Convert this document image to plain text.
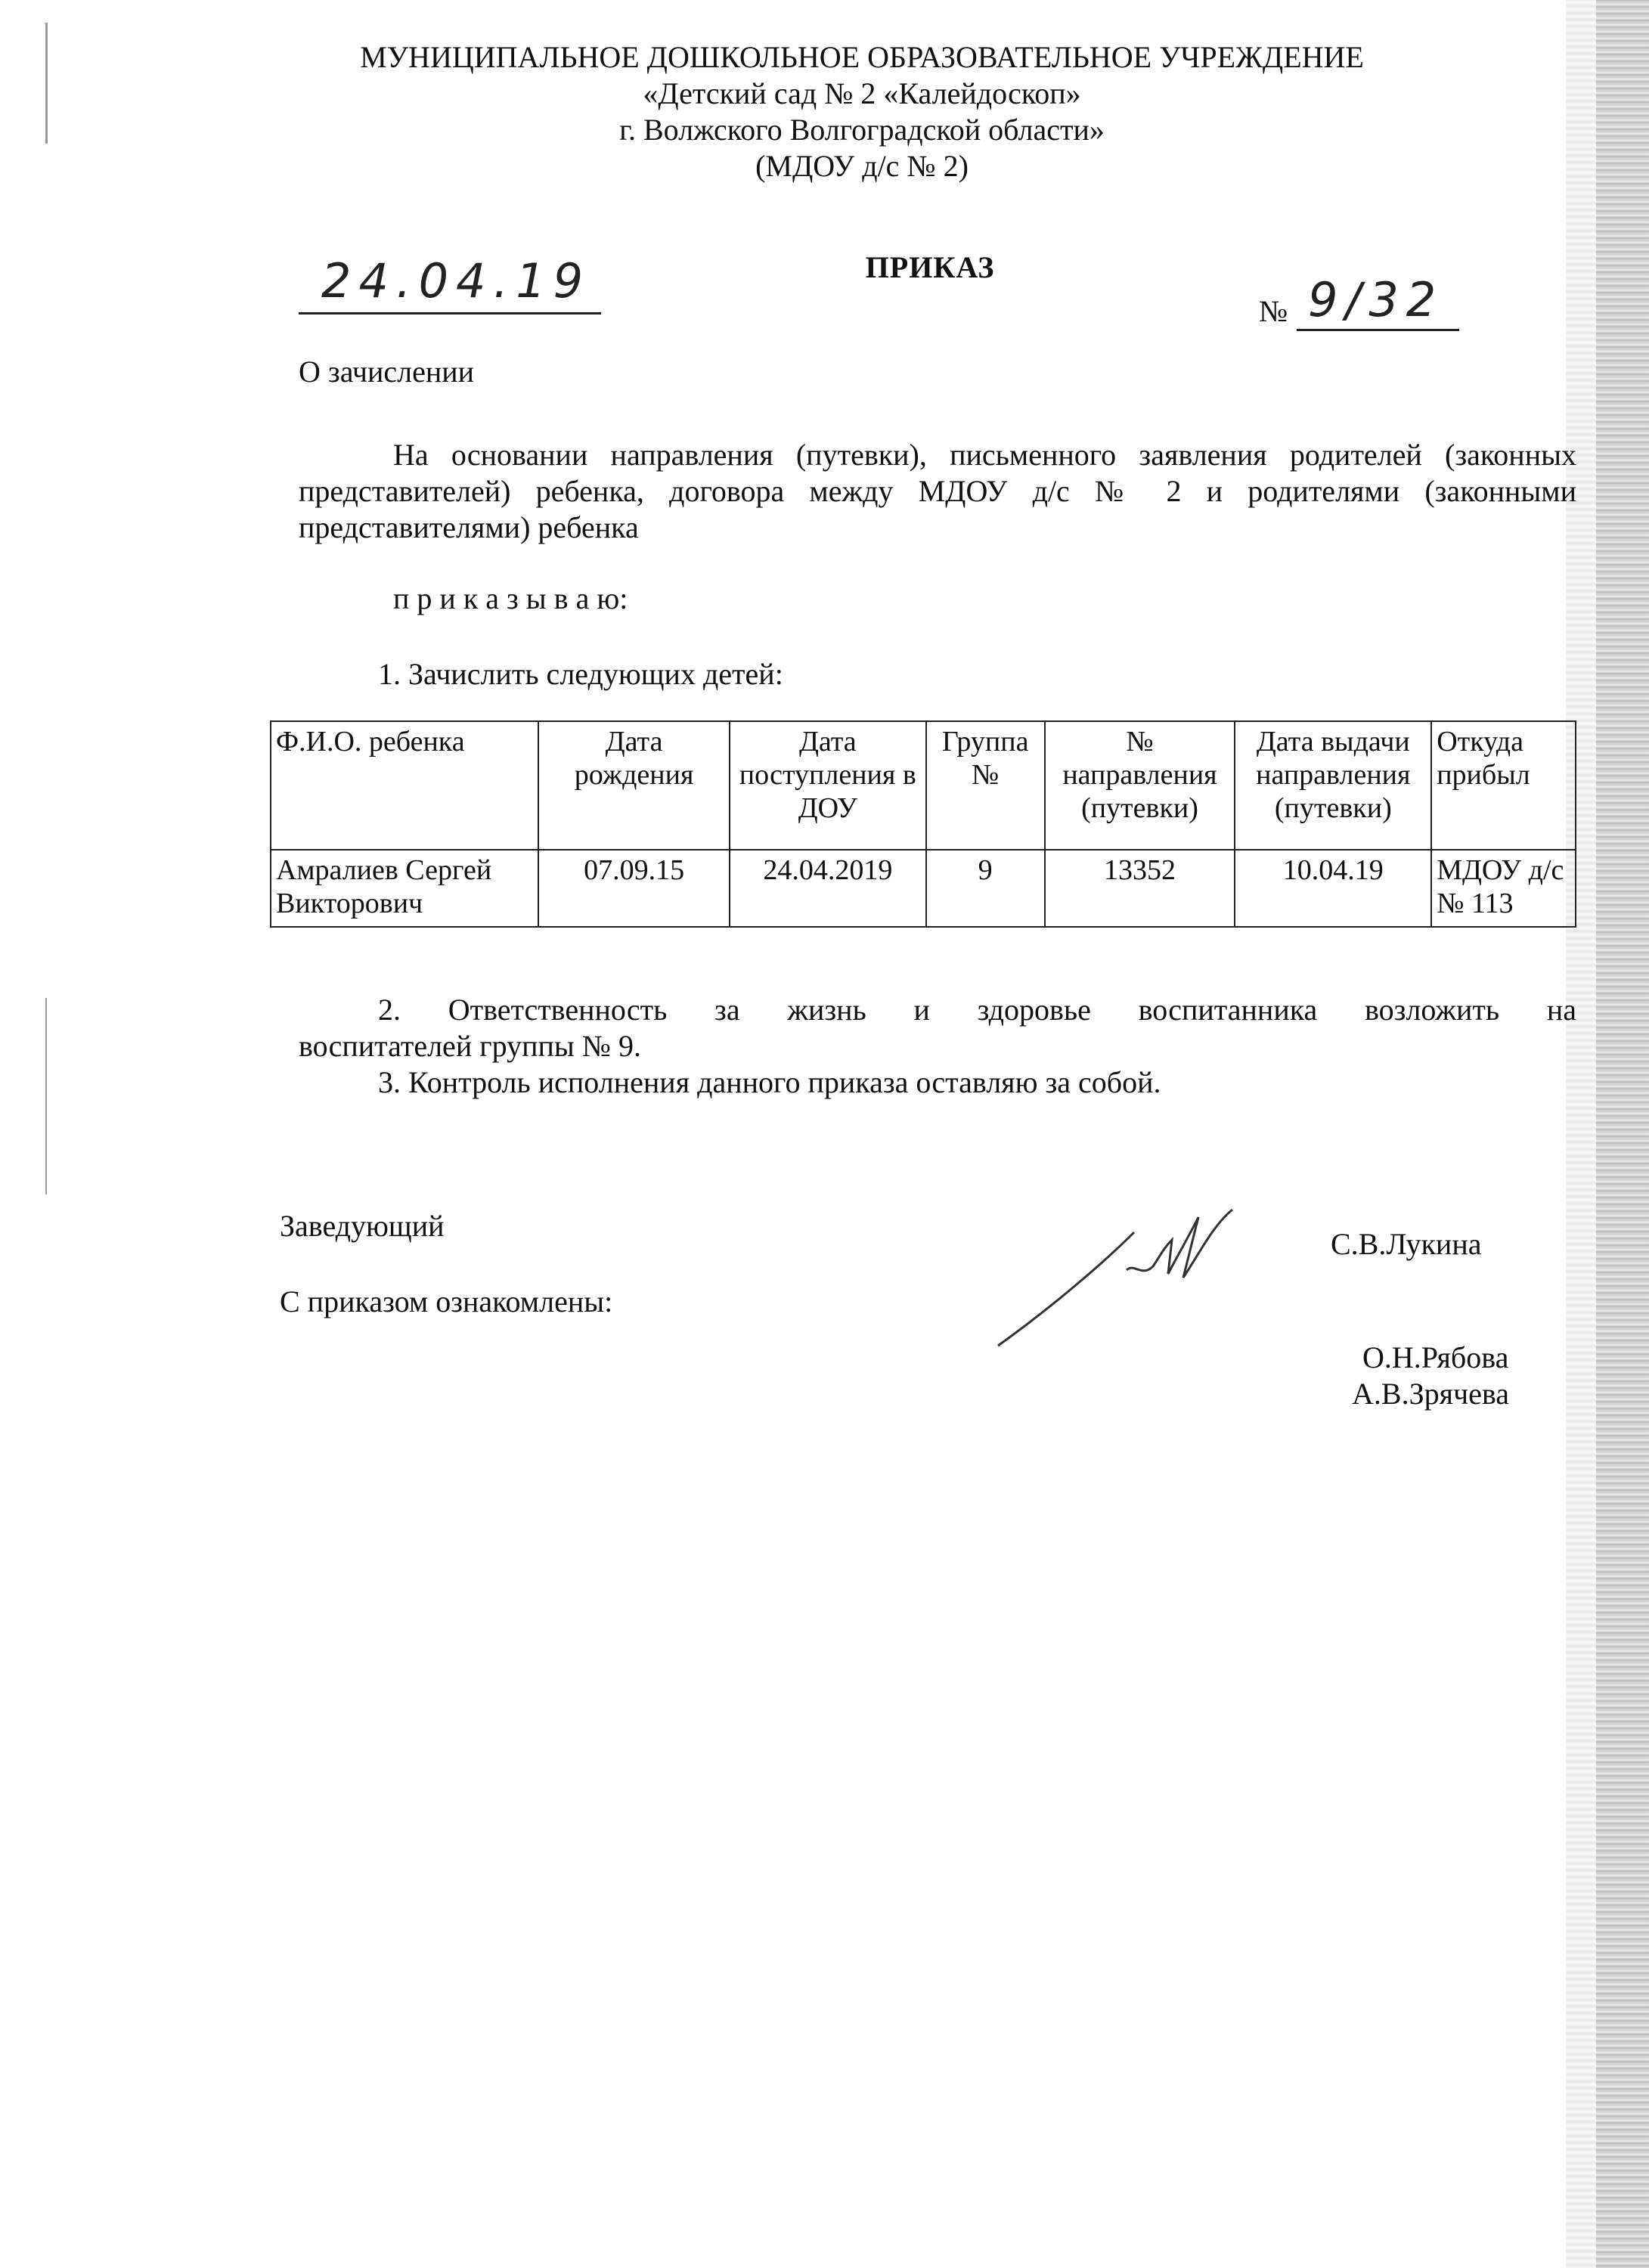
МУНИЦИПАЛЬНОЕ ДОШКОЛЬНОЕ ОБРАЗОВАТЕЛЬНОЕ УЧРЕЖДЕНИЕ
«Детский сад № 2 «Калейдоскоп»
г. Волжского Волгоградской области»
(МДОУ д/с № 2)
ПРИКАЗ
24.04.19
№ 9/32
О зачислении
На основании направления (путевки), письменного заявления родителей (законных представителей) ребенка, договора между МДОУ д/с № 2 и родителями (законными представителями) ребенка
п р и к а з ы в а ю:
1. Зачислить следующих детей:
Ф.И.О. ребенка	Дата рождения	Дата поступления в ДОУ	Группа №	№ направления (путевки)	Дата выдачи направления (путевки)	Откуда прибыл
Амралиев Сергей Викторович	07.09.15	24.04.2019	9	13352	10.04.19	МДОУ д/с № 113
2. Ответственность за жизнь и здоровье воспитанника возложить на
воспитателей группы № 9.
3. Контроль исполнения данного приказа оставляю за собой.
Заведующий
С.В.Лукина
С приказом ознакомлены:
О.Н.Рябова
А.В.Зрячева
